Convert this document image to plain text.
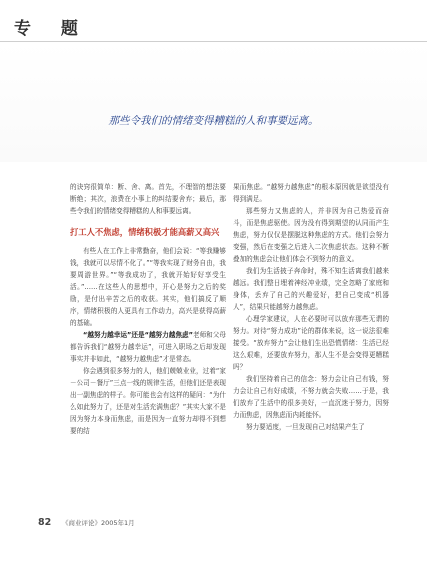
专 题
那些令我们的情绪变得糟糕的人和事要远离。

的诀窍很简单：断、舍、离。首先，不理智的想法要断绝；其次，浪费在小事上的纠结要舍弃；最后，那些令我们的情绪变得糟糕的人和事要远离。

打工人不焦虑，情绪积极才能高薪又高兴

有些人在工作上非常勤奋，他们会说：“等我赚够钱，我就可以尽情不化了。”“等我实现了财务自由，我要周游世界。”“等我成功了，我就开始好好享受生活。”……在这些人的思想中，开心是努力之后的奖励，是付出辛苦之后的收获。其实，他们搞反了顺序，情绪积极的人更具有工作动力，高兴是获得高薪的基础。

“越努力越幸运”还是“越努力越焦虑”老师和父母都告诉我们“越努力越幸运”，可进入职场之后却发现事实并非如此，“越努力越焦虑”才是常态。

你会遇到很多努力的人，他们兢兢业业，过着“家－公司－餐厅”三点一线的规律生活，但他们还是表现出一副焦虑的样子。你可能也会有这样的疑问：“为什么如此努力了，还是对生活充满焦虑？”其实大家不是因为努力本身而焦虑，而是因为一直努力却得不到想要的结

果而焦虑。“越努力越焦虑”的根本原因就是欲望没有得到满足。

那些努力又焦虑的人，并非因为自己热爱而奋斗，而是焦虑驱使。因为没有得到期望的认同而产生焦虑，努力仅仅是摆脱这种焦虑的方式。他们会努力变强，然后在变强之后进入二次焦虑状态。这种不断叠加的焦虑会让他们体会不到努力的意义。

我们为生活披子奔命时，殊不知生活离我们越来越远。我们整日埋着神经冲业绩，完全忽略了家庭和身体，丢弃了自己的兴趣爱好，把自己变成“机器人”，结果只能越努力越焦虑。

心理学家建议，人在必要时可以放弃那些无谓的努力。对待“努力成功”论的群体来说，这一说法很难接受。“放弃努力”会让他们生出恐慌情绪：生活已经这么艰难，还要放弃努力，那人生不是会变得更糟糕吗？

我们坚持着自己的信念：努力会让自己有钱，努力会让自己有好成绩，不努力就会失败……于是，我们放弃了生活中的很多美好，一直沉迷于努力，因努力而焦虑，因焦虑而内耗能怀。

努力要适度，一旦发现自己对结果产生了

82 《商业评论》2005年1月
